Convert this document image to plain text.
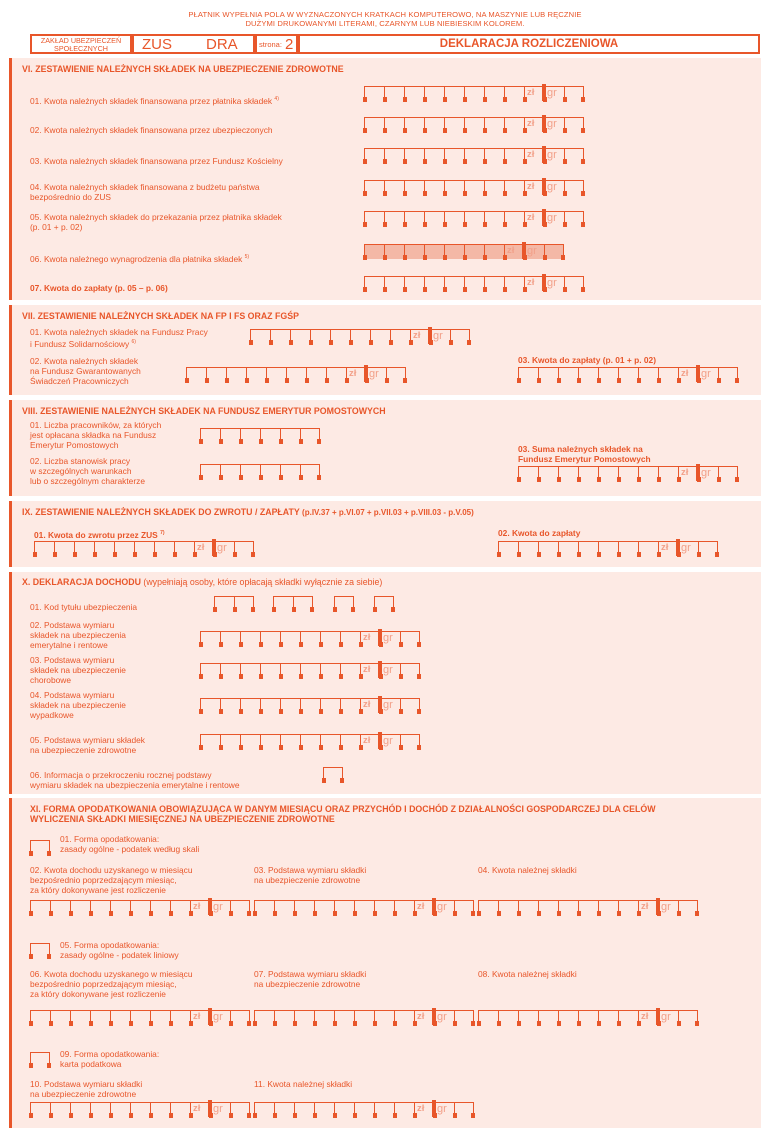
PŁATNIK WYPEŁNIA POLA W WYZNACZONYCH KRATKACH KOMPUTEROWO, NA MASZYNIE LUB RĘCZNIE
DUŻYMI DRUKOWANYMI LITERAMI, CZARNYM LUB NIEBIESKIM KOLOREM.
ZAKŁAD UBEZPIECZEŃ
SPOŁECZNYCH	ZUS DRA	strona: 2	DEKLARACJA ROZLICZENIOWA
VI. ZESTAWIENIE NALEŻNYCH SKŁADEK NA UBEZPIECZENIE ZDROWOTNE
01. Kwota należnych składek finansowana przez płatnika składek $^{4)}$
zł gr
02. Kwota należnych składek finansowana przez ubezpieczonych
zł gr
03. Kwota należnych składek finansowana przez Fundusz Kościelny
zł gr
04. Kwota należnych składek finansowana z budżetu państwa
bezpośrednio do ZUS
zł gr
05. Kwota należnych składek do przekazania przez płatnika składek
(p. 01 + p. 02)
zł gr
06. Kwota należnego wynagrodzenia dla płatnika składek $^{5)}$
zł gr
07. Kwota do zapłaty (p. 05 – p. 06)	zł gr
VII. ZESTAWIENIE NALEŻNYCH SKŁADEK NA FP I FS ORAZ FGŚP
01. Kwota należnych składek na Fundusz Pracy
i Fundusz Solidarnościowy $^{6)}$
zł gr
02. Kwota należnych składek
na Fundusz Gwarantowanych
Świadczeń Pracowniczych
zł gr
03. Kwota do zapłaty (p. 01 + p. 02)
zł gr
VIII. ZESTAWIENIE NALEŻNYCH SKŁADEK NA FUNDUSZ EMERYTUR POMOSTOWYCH
01. Liczba pracowników, za których
jest opłacana składka na Fundusz
Emerytur Pomostowych
02. Liczba stanowisk pracy
w szczególnych warunkach
lub o szczególnym charakterze
03. Suma należnych składek na
Fundusz Emerytur Pomostowych
zł gr
IX. ZESTAWIENIE NALEŻNYCH SKŁADEK DO ZWROTU / ZAPŁATY (p.IV.37 + p.VI.07 + p.VII.03 + p.VIII.03 - p.V.05)
01. Kwota do zwrotu przez ZUS $^{7)}$
zł gr
02. Kwota do zapłaty
zł gr
X. DEKLARACJA DOCHODU (wypełniają osoby, które opłacają składki wyłącznie za siebie)
01. Kod tytułu ubezpieczenia
02. Podstawa wymiaru
składek na ubezpieczenia
emerytalne i rentowe
zł gr
03. Podstawa wymiaru
składek na ubezpieczenie
chorobowe
zł gr
04. Podstawa wymiaru
składek na ubezpieczenie
wypadkowe
zł gr
05. Podstawa wymiaru składek
na ubezpieczenie zdrowotne
zł gr
06. Informacja o przekroczeniu rocznej podstawy
wymiaru składek na ubezpieczenia emerytalne i rentowe
XI. FORMA OPODATKOWANIA OBOWIĄZUJĄCA W DANYM MIESIĄCU ORAZ PRZYCHÓD I DOCHÓD Z DZIAŁALNOŚCI GOSPODARCZEJ DLA CELÓW
WYLICZENIA SKŁADKI MIESIĘCZNEJ NA UBEZPIECZENIE ZDROWOTNE
01. Forma opodatkowania:
zasady ogólne - podatek według skali
02. Kwota dochodu uzyskanego w miesiącu
bezpośrednio poprzedzającym miesiąc,
za który dokonywane jest rozliczenie
zł gr
03. Podstawa wymiaru składki
na ubezpieczenie zdrowotne
zł gr
04. Kwota należnej składki
zł gr
05. Forma opodatkowania:
zasady ogólne - podatek liniowy
06. Kwota dochodu uzyskanego w miesiącu
bezpośrednio poprzedzającym miesiąc,
za który dokonywane jest rozliczenie
zł gr
07. Podstawa wymiaru składki
na ubezpieczenie zdrowotne
zł gr
08. Kwota należnej składki
zł gr
09. Forma opodatkowania:
karta podatkowa
10. Podstawa wymiaru składki
na ubezpieczenie zdrowotne
zł gr
11. Kwota należnej składki
zł gr
